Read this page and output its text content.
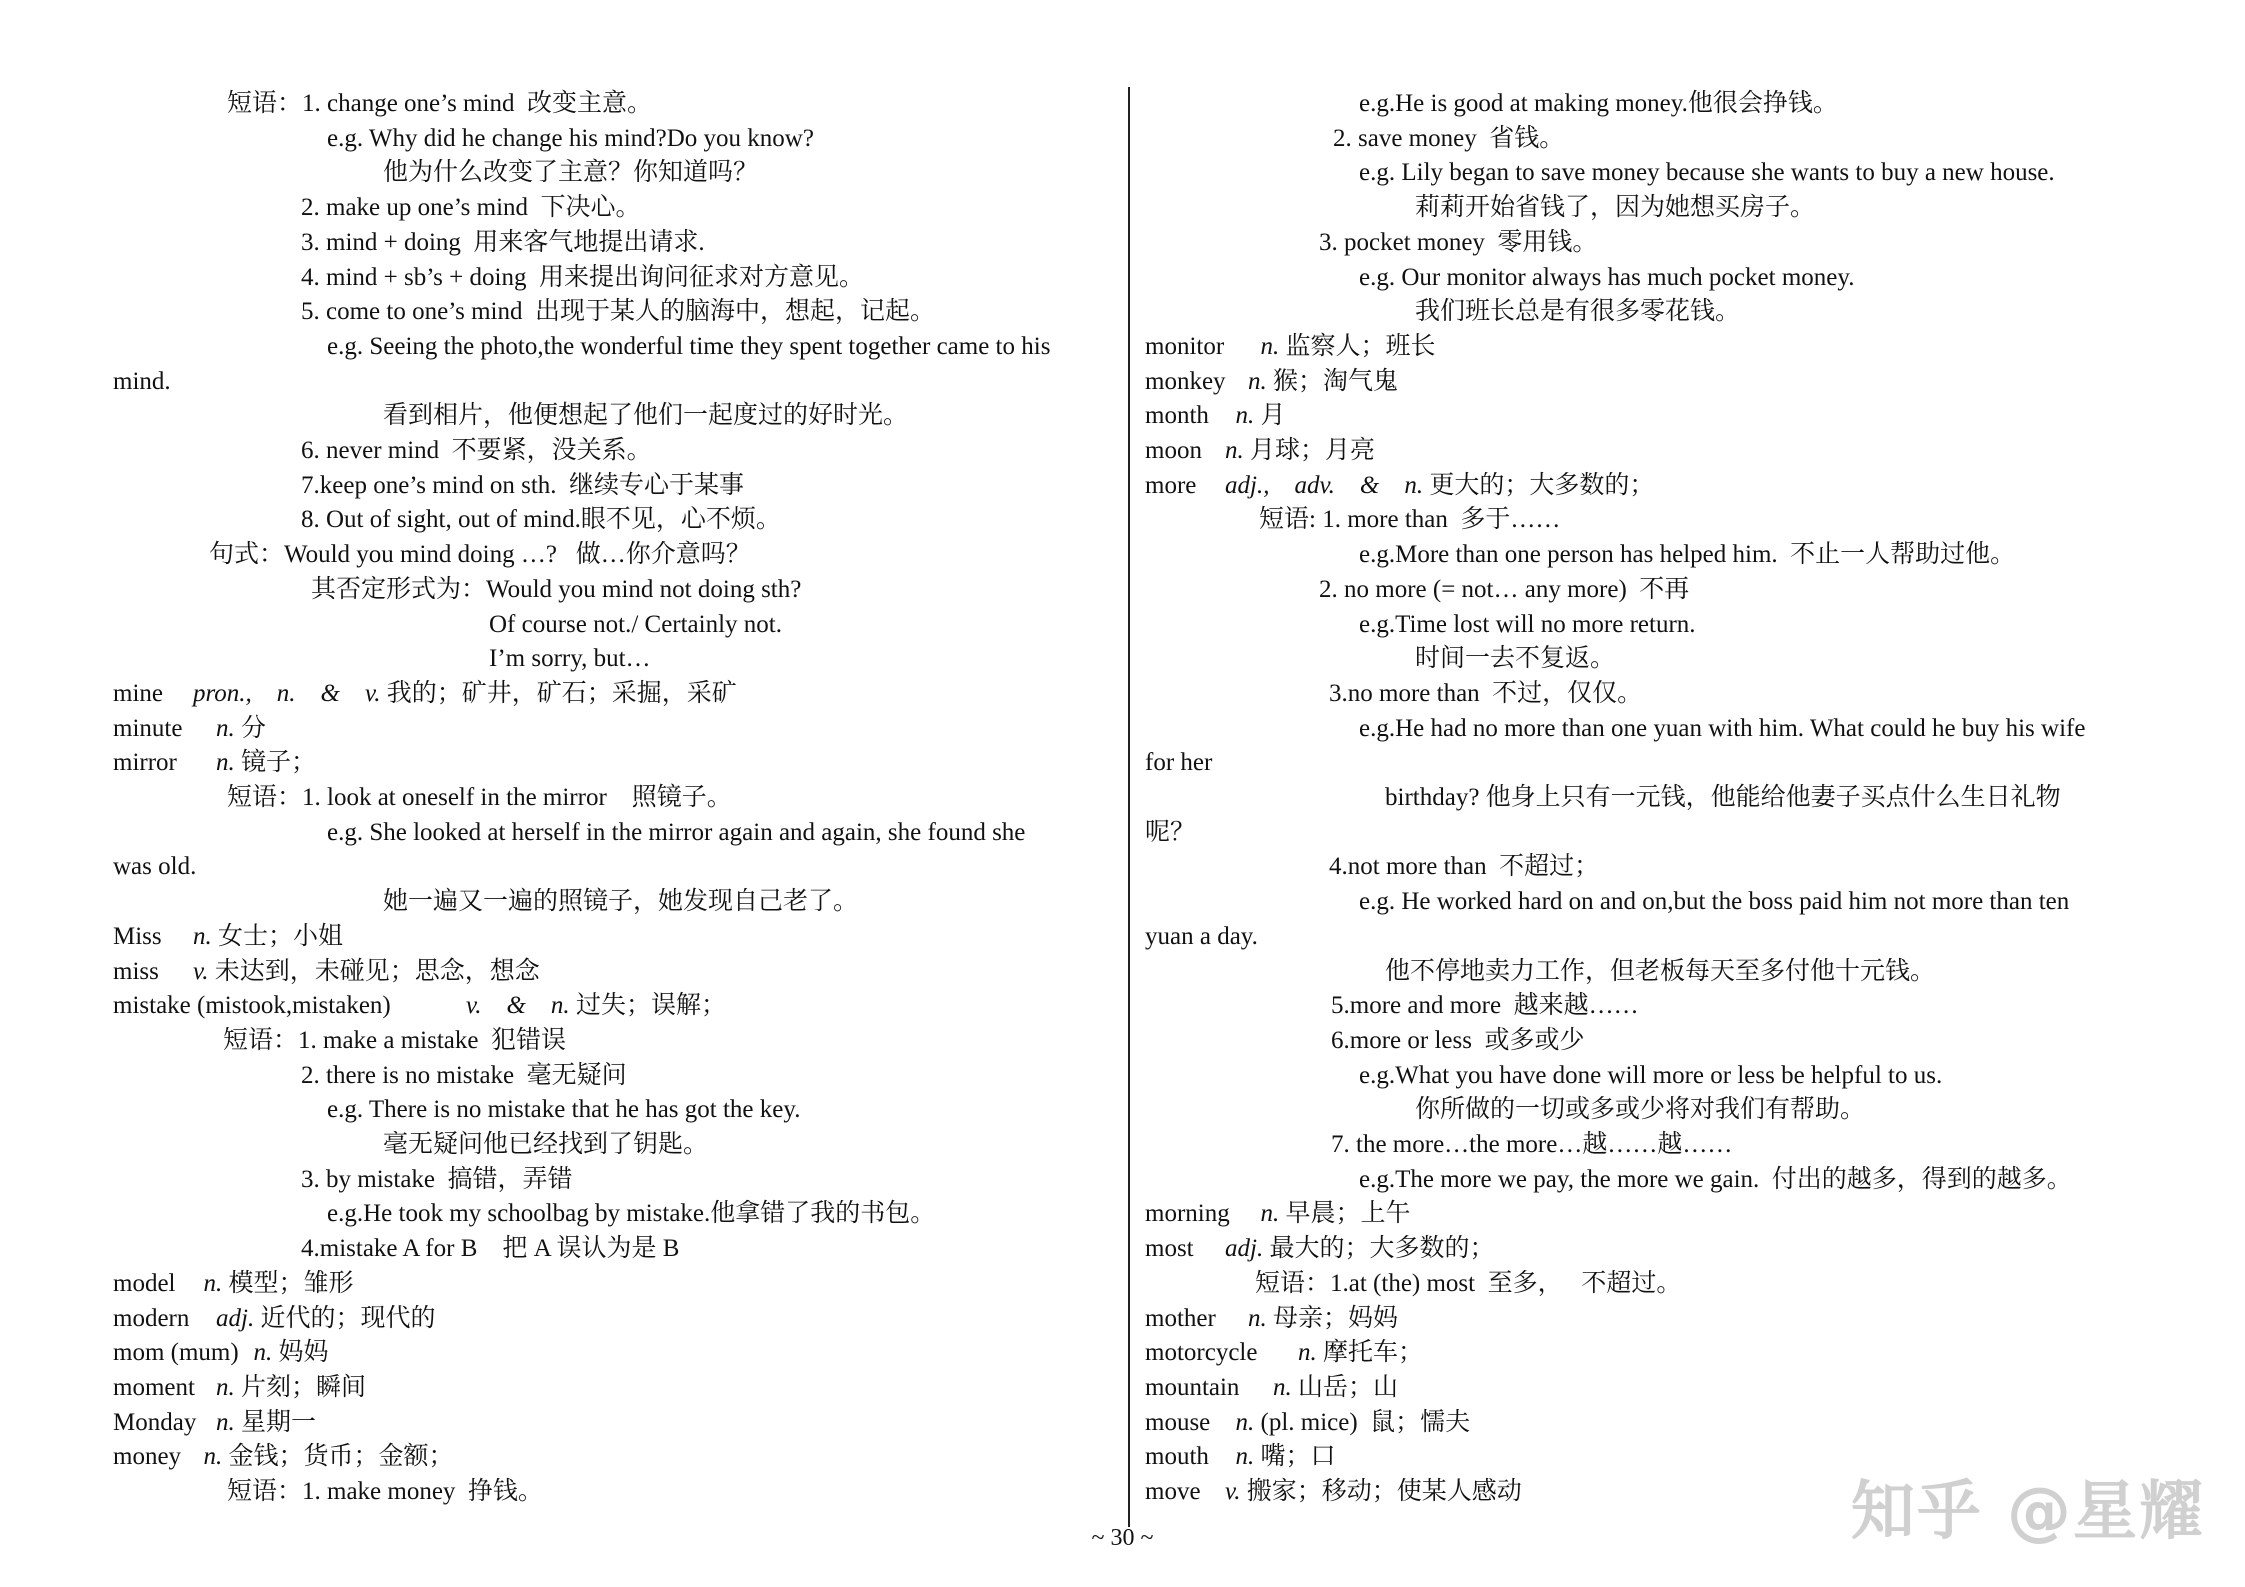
短语：1. change one’s mind  改变主意。
e.g. Why did he change his mind?Do you know?
他为什么改变了主意？你知道吗？
2. make up one’s mind  下决心。
3. mind + doing  用来客气地提出请求.
4. mind + sb’s + doing  用来提出询问征求对方意见。
5. come to one’s mind  出现于某人的脑海中，想起，记起。
e.g. Seeing the photo,the wonderful time they spent together came to his
mind.
看到相片，他便想起了他们一起度过的好时光。
6. never mind  不要紧，没关系。
7.keep one’s mind on sth.  继续专心于某事
8. Out of sight, out of mind.眼不见，心不烦。
句式：Would you mind doing …?   做…你介意吗？
其否定形式为：Would you mind not doing sth?
Of course not./ Certainly not.
I’m sorry, but…
mine pron.,    n.    &    v. 我的；矿井，矿石；采掘，采矿
minute n. 分
mirror n. 镜子；
短语：1. look at oneself in the mirror    照镜子。
e.g. She looked at herself in the mirror again and again, she found she
was old.
她一遍又一遍的照镜子，她发现自己老了。
Miss n. 女士；小姐
miss v. 未达到，未碰见；思念，想念
mistake (mistook,mistaken)	v.    &    n. 过失；误解；
短语：1. make a mistake  犯错误
2. there is no mistake  毫无疑问
e.g. There is no mistake that he has got the key.
毫无疑问他已经找到了钥匙。
3. by mistake  搞错，弄错
e.g.He took my schoolbag by mistake.他拿错了我的书包。
4.mistake A for B    把 A 误认为是 B
model n. 模型；雏形
modern adj. 近代的；现代的
mom (mum) n. 妈妈
moment n. 片刻；瞬间
Monday n. 星期一
money n. 金钱；货币；金额；
短语：1. make money  挣钱。
e.g.He is good at making money.他很会挣钱。
2. save money  省钱。
e.g. Lily began to save money because she wants to buy a new house.
莉莉开始省钱了，因为她想买房子。
3. pocket money  零用钱。
e.g. Our monitor always has much pocket money.
我们班长总是有很多零花钱。
monitor n. 监察人；班长
monkey n. 猴；淘气鬼
month n. 月
moon n. 月球；月亮
more adj.,    adv.    &    n. 更大的；大多数的；
短语: 1. more than  多于……
e.g.More than one person has helped him.  不止一人帮助过他。
2. no more (= not… any more)  不再
e.g.Time lost will no more return.
时间一去不复返。
3.no more than  不过，仅仅。
e.g.He had no more than one yuan with him. What could he buy his wife
for her
birthday? 他身上只有一元钱，他能给他妻子买点什么生日礼物
呢？
4.not more than  不超过；
e.g. He worked hard on and on,but the boss paid him not more than ten
yuan a day.
他不停地卖力工作，但老板每天至多付他十元钱。
5.more and more  越来越……
6.more or less  或多或少
e.g.What you have done will more or less be helpful to us.
你所做的一切或多或少将对我们有帮助。
7. the more…the more…越……越……
e.g.The more we pay, the more we gain.  付出的越多，得到的越多。
morning n. 早晨；上午
most adj. 最大的；大多数的；
短语：1.at (the) most  至多，   不超过。
mother n. 母亲；妈妈
motorcycle n. 摩托车；
mountain n. 山岳；山
mouse n. (pl. mice)  鼠；懦夫
mouth n. 嘴；口
move v. 搬家；移动；使某人感动
~ 30 ~	知乎 @星耀
